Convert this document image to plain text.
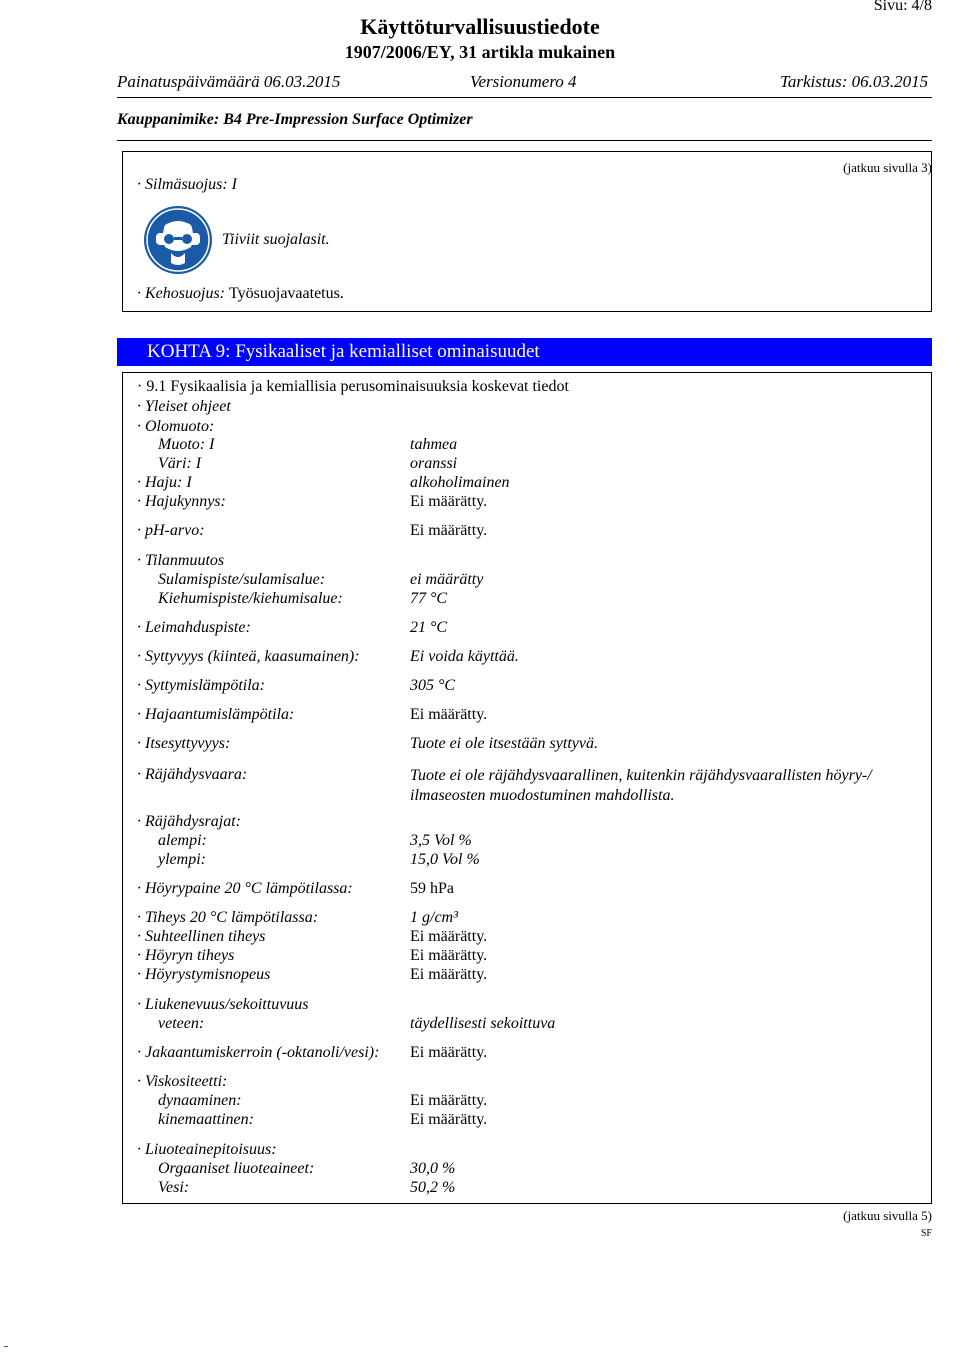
Sivu: 4/8
Käyttöturvallisuustiedote
1907/2006/EY, 31 artikla mukainen
Painatuspäivämäärä 06.03.2015	Versionumero 4	Tarkistus: 06.03.2015
Kauppanimike: B4 Pre-Impression Surface Optimizer
(jatkuu sivulla 3)
· Silmäsuojus: I
Tiiviit suojalasit.
· Kehosuojus: Työsuojavaatetus.
KOHTA 9: Fysikaaliset ja kemialliset ominaisuudet
· 9.1 Fysikaalisia ja kemiallisia perusominaisuuksia koskevat tiedot
· Yleiset ohjeet
· Olomuoto:
Muoto: I	tahmea
Väri: I	oranssi
· Haju: I	alkoholimainen
· Hajukynnys:	Ei määrätty.
· pH-arvo:	Ei määrätty.
· Tilanmuutos
Sulamispiste/sulamisalue:	ei määrätty
Kiehumispiste/kiehumisalue:	77 °C
· Leimahduspiste:	21 °C
· Syttyvyys (kiinteä, kaasumainen):	Ei voida käyttää.
· Syttymislämpötila:	305 °C
· Hajaantumislämpötila:	Ei määrätty.
· Itsesyttyvyys:	Tuote ei ole itsestään syttyvä.
· Räjähdysvaara:	Tuote ei ole räjähdysvaarallinen, kuitenkin räjähdysvaarallisten höyry-/ ilmaseosten muodostuminen mahdollista.
· Räjähdysrajat:
alempi:	3,5 Vol %
ylempi:	15,0 Vol %
· Höyrypaine 20 °C lämpötilassa:	59 hPa
· Tiheys 20 °C lämpötilassa:	1 g/cm³
· Suhteellinen tiheys	Ei määrätty.
· Höyryn tiheys	Ei määrätty.
· Höyrystymisnopeus	Ei määrätty.
· Liukenevuus/sekoittuvuus
veteen:	täydellisesti sekoittuva
· Jakaantumiskerroin (-oktanoli/vesi): Ei määrätty.
· Viskositeetti:
dynaaminen:	Ei määrätty.
kinemaattinen:	Ei määrätty.
· Liuoteainepitoisuus:
Orgaaniset liuoteaineet:	30,0 %
Vesi:	50,2 %
(jatkuu sivulla 5)
SF
